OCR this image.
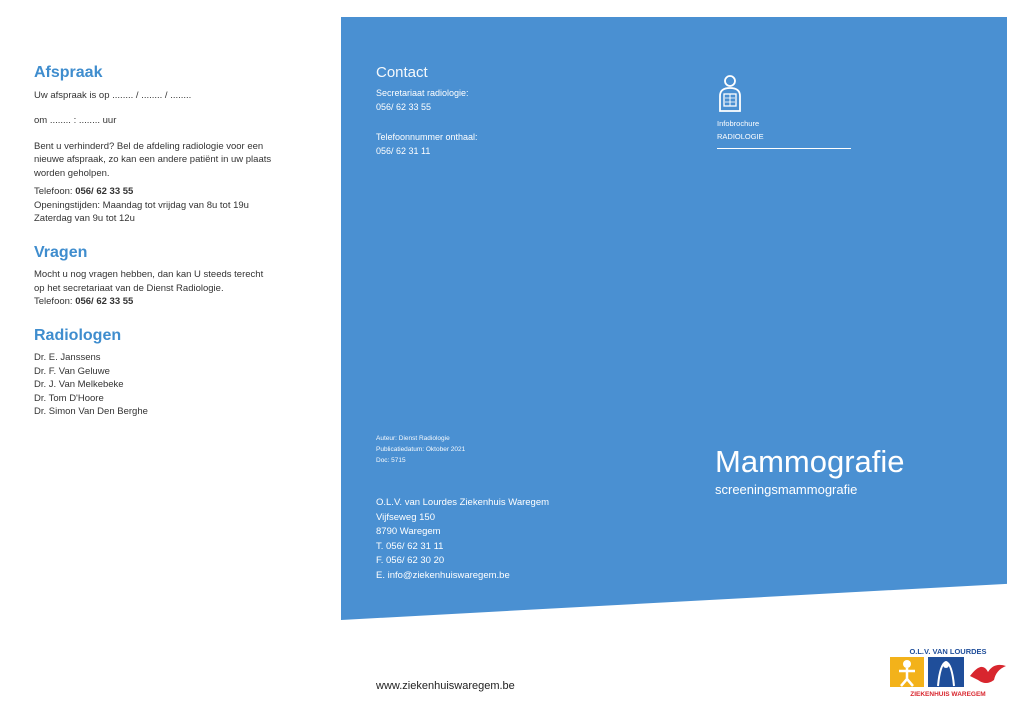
Afspraak

Uw afspraak is op ........ / ........ / ........

om ........ : ........ uur

Bent u verhinderd? Bel de afdeling radiologie voor een

nieuwe afspraak, zo kan een andere patiënt in uw plaats

worden geholpen.

Telefoon: 056/ 62 33 55

Openingstijden: Maandag tot vrijdag van 8u tot 19u

Zaterdag van 9u tot 12u

Vragen

Mocht u nog vragen hebben, dan kan U steeds terecht

op het secretariaat van de Dienst Radiologie.

Telefoon: 056/ 62 33 55

Radiologen

Dr. E. Janssens

Dr. F. Van Geluwe

Dr. J. Van Melkebeke

Dr. Tom D'Hoore

Dr. Simon Van Den Berghe

Contact
Secretariaat radiologie:
056/ 62 33 55
Telefoonnummer onthaal:
056/ 62 31 11
Infobrochure
RADIOLOGIE
Auteur: Dienst Radiologie
Publicatiedatum: Oktober 2021
Doc: 5715	Mammografie
screeningsmammografie
O.L.V. van Lourdes Ziekenhuis Waregem
Vijfseweg 150
8790 Waregem
T. 056/ 62 31 11
F. 056/ 62 30 20
E. info@ziekenhuiswaregem.be
www.ziekenhuiswaregem.be
O.L.V. VAN LOURDES
ZIEKENHUIS WAREGEM
